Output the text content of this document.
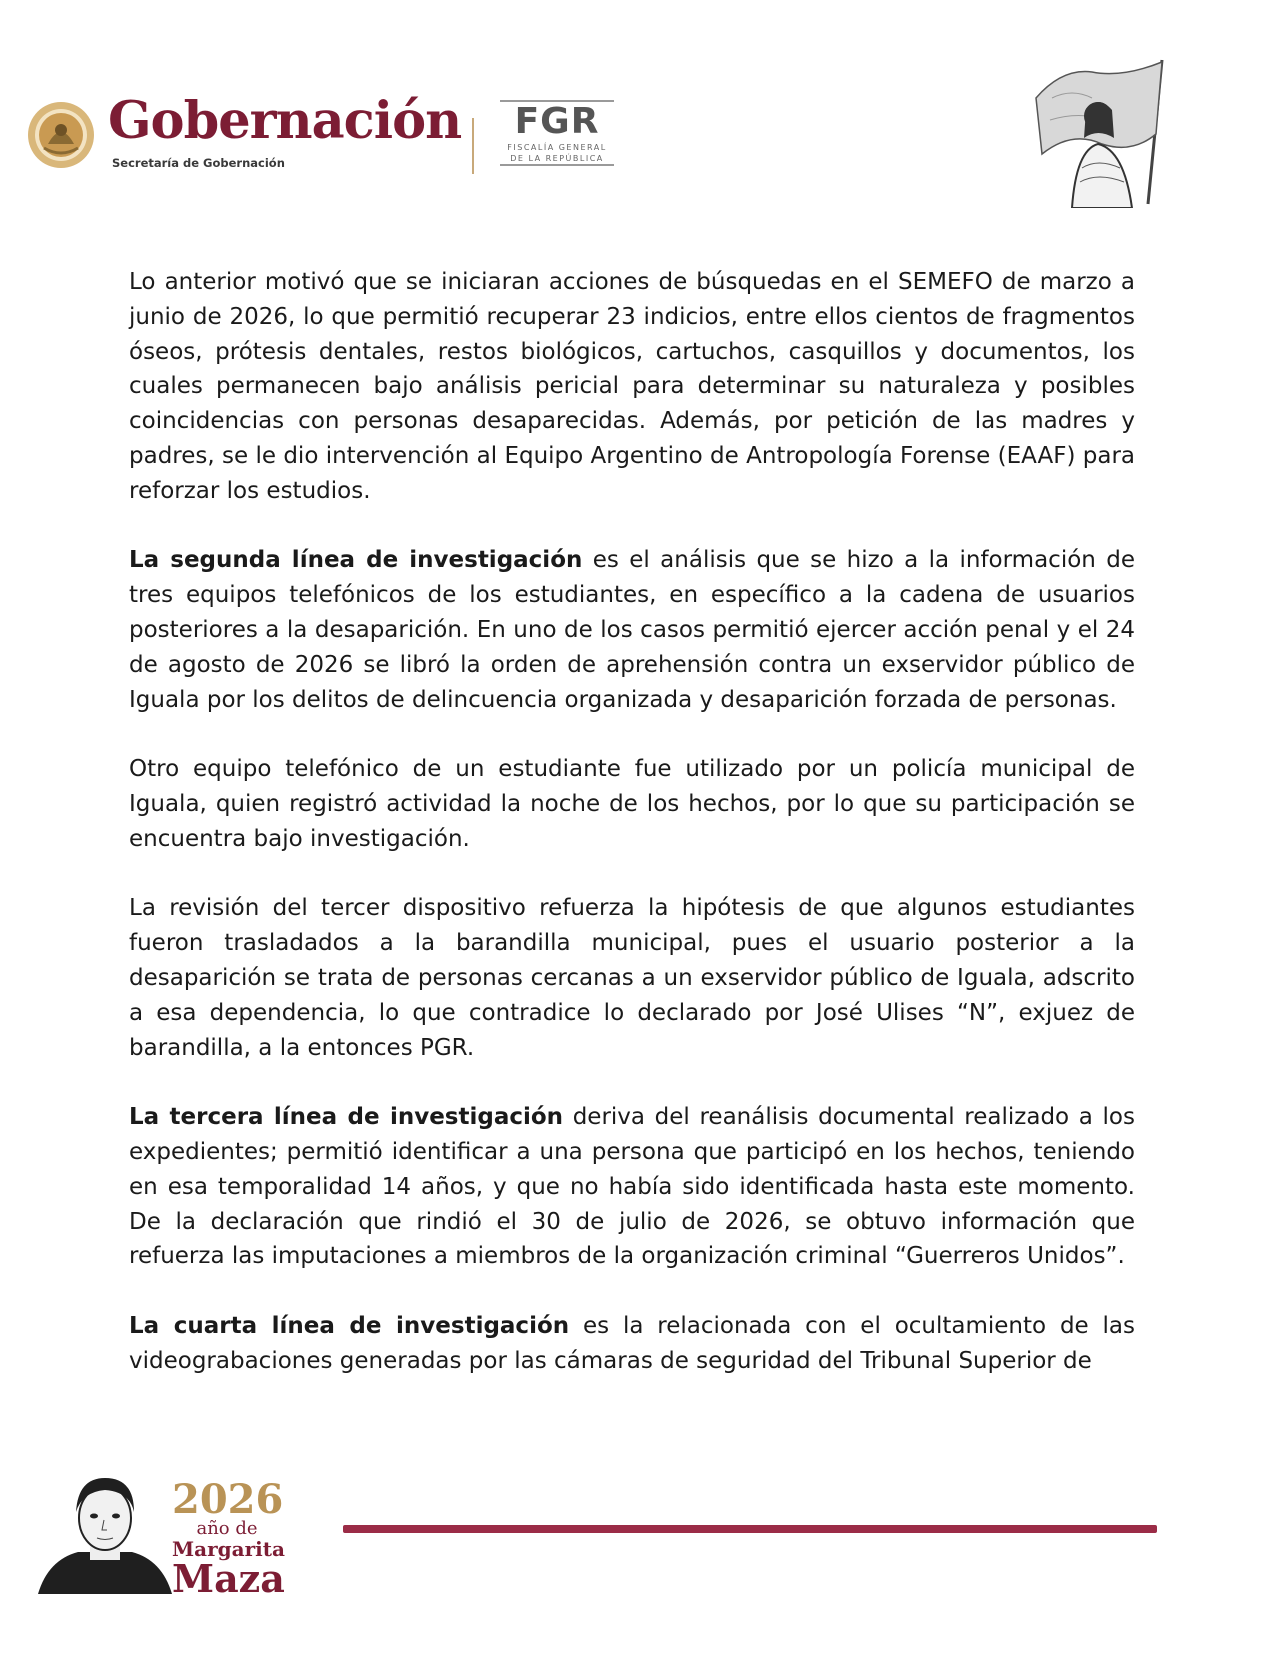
Gobernación
Secretaría de Gobernación
FGR
FISCALÍA GENERAL
DE LA REPÚBLICA

Lo anterior motivó que se iniciaran acciones de búsquedas en el SEMEFO de marzo a junio de 2026, lo que permitió recuperar 23 indicios, entre ellos cientos de fragmentos óseos, prótesis dentales, restos biológicos, cartuchos, casquillos y documentos, los cuales permanecen bajo análisis pericial para determinar su naturaleza y posibles coincidencias con personas desaparecidas. Además, por petición de las madres y padres, se le dio intervención al Equipo Argentino de Antropología Forense (EAAF) para reforzar los estudios.

La segunda línea de investigación es el análisis que se hizo a la información de tres equipos telefónicos de los estudiantes, en específico a la cadena de usuarios posteriores a la desaparición. En uno de los casos permitió ejercer acción penal y el 24 de agosto de 2026 se libró la orden de aprehensión contra un exservidor público de Iguala por los delitos de delincuencia organizada y desaparición forzada de personas.

Otro equipo telefónico de un estudiante fue utilizado por un policía municipal de Iguala, quien registró actividad la noche de los hechos, por lo que su participación se encuentra bajo investigación.

La revisión del tercer dispositivo refuerza la hipótesis de que algunos estudiantes fueron trasladados a la barandilla municipal, pues el usuario posterior a la desaparición se trata de personas cercanas a un exservidor público de Iguala, adscrito a esa dependencia, lo que contradice lo declarado por José Ulises “N”, exjuez de barandilla, a la entonces PGR.

La tercera línea de investigación deriva del reanálisis documental realizado a los expedientes; permitió identificar a una persona que participó en los hechos, teniendo en esa temporalidad 14 años, y que no había sido identificada hasta este momento. De la declaración que rindió el 30 de julio de 2026, se obtuvo información que refuerza las imputaciones a miembros de la organización criminal “Guerreros Unidos”.

La cuarta línea de investigación es la relacionada con el ocultamiento de las videograbaciones generadas por las cámaras de seguridad del Tribunal Superior de

2026
año de
Margarita
Maza
